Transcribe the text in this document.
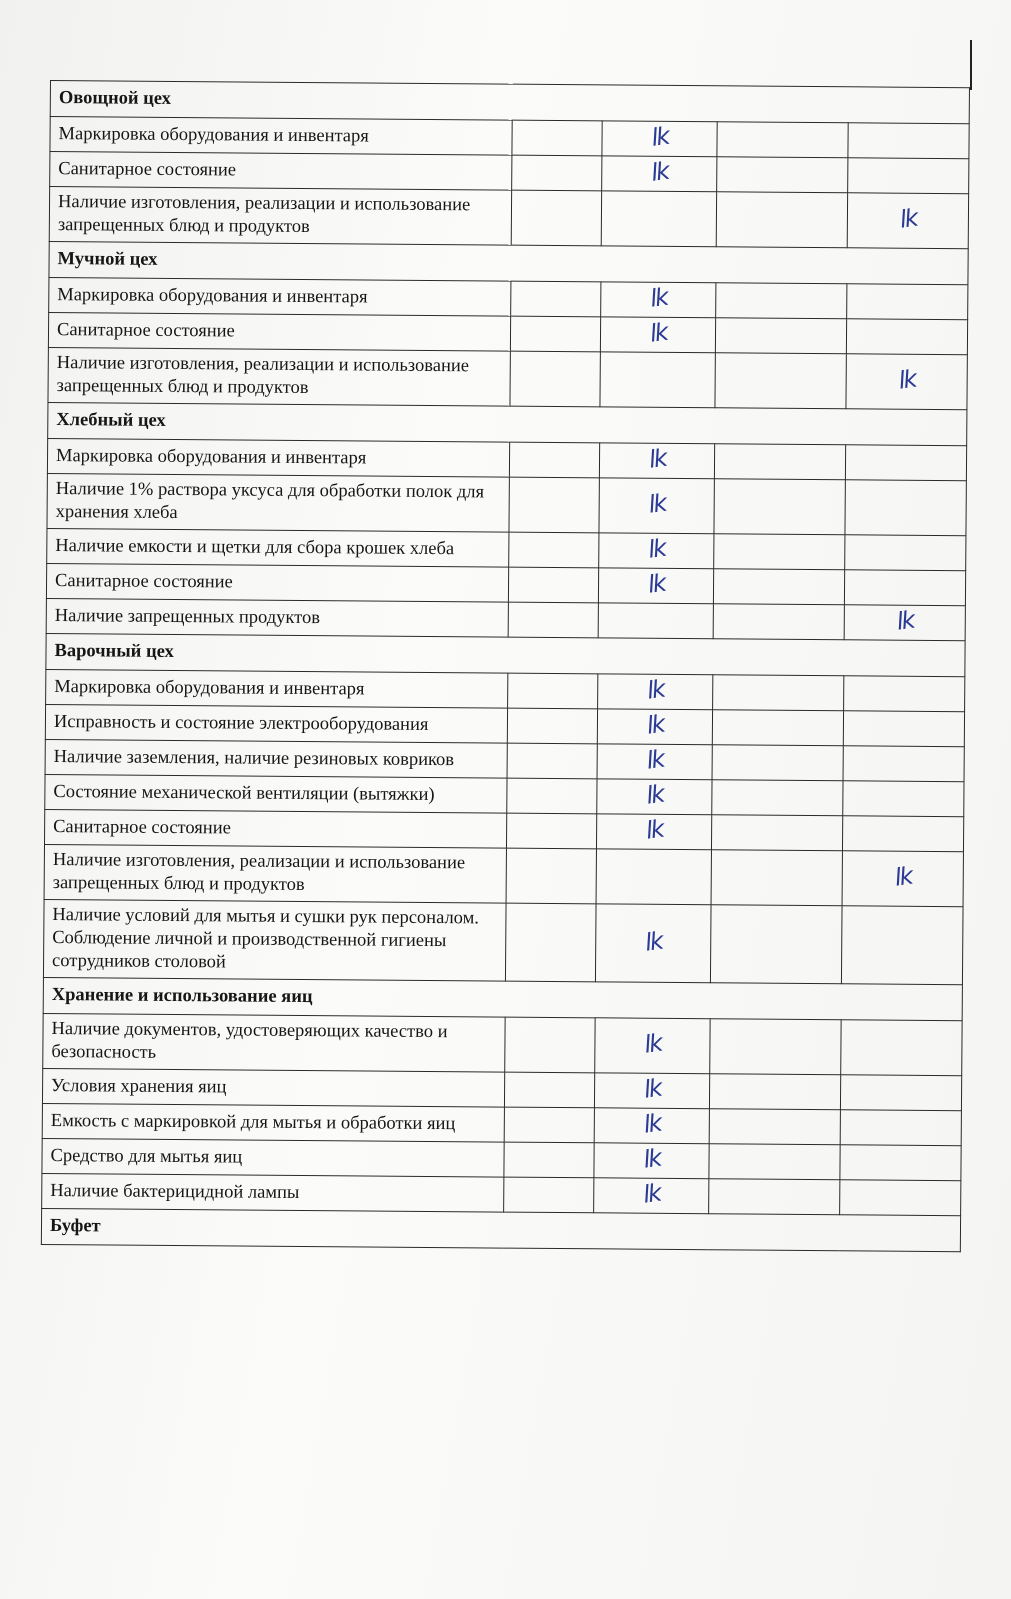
Овощной цех				
Маркировка оборудования и инвентаря		lk		
Санитарное состояние		lk		
Наличие изготовления, реализации и использование запрещенных блюд и продуктов				lk
Мучной цех				
Маркировка оборудования и инвентаря		lk		
Санитарное состояние		lk		
Наличие изготовления, реализации и использование запрещенных блюд и продуктов				lk
Хлебный цех				
Маркировка оборудования и инвентаря		lk		
Наличие 1% раствора уксуса для обработки полок для хранения хлеба		lk		
Наличие емкости и щетки для сбора крошек хлеба		lk		
Санитарное состояние		lk		
Наличие запрещенных продуктов				lk
Варочный цех				
Маркировка оборудования и инвентаря		lk		
Исправность и состояние электрооборудования		lk		
Наличие заземления, наличие резиновых ковриков		lk		
Состояние механической вентиляции (вытяжки)		lk		
Санитарное состояние		lk		
Наличие изготовления, реализации и использование запрещенных блюд и продуктов				lk
Наличие условий для мытья и сушки рук персоналом. Соблюдение личной и производственной гигиены сотрудников столовой		lk		
Хранение и использование яиц				
Наличие документов, удостоверяющих качество и безопасность		lk		
Условия хранения яиц		lk		
Емкость с маркировкой для мытья и обработки яиц		lk		
Средство для мытья яиц		lk		
Наличие бактерицидной лампы		lk		
Буфет				
